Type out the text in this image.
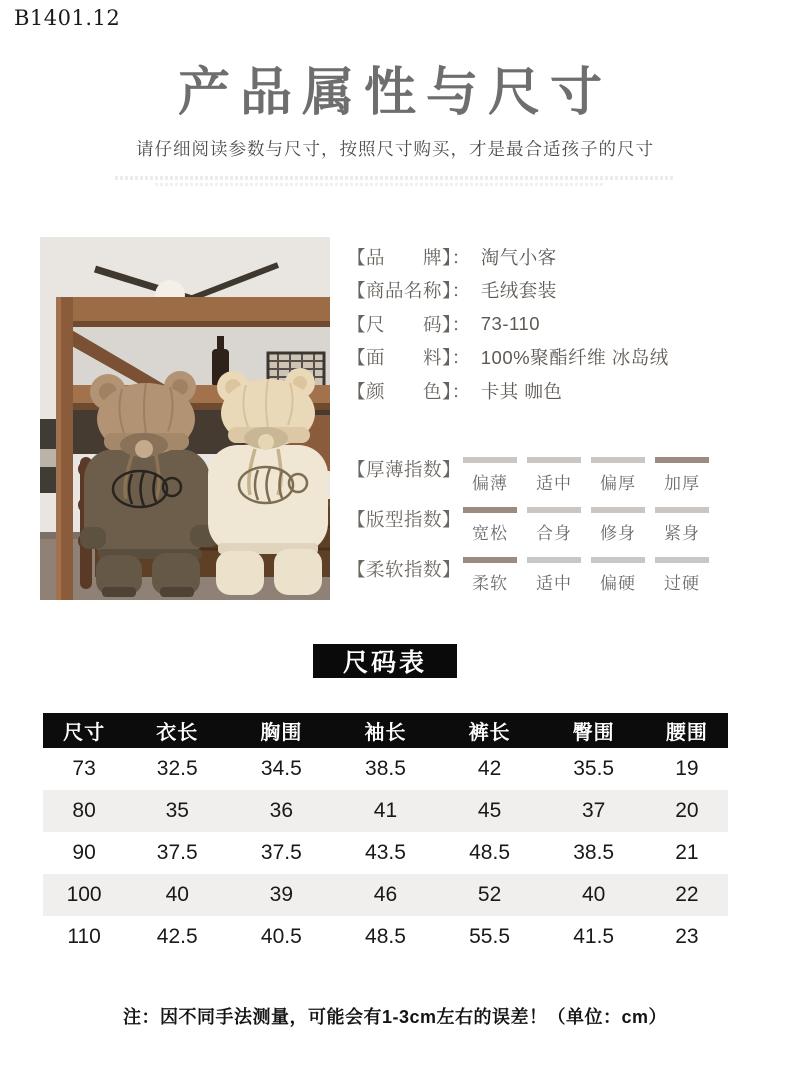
B1401.12
产品属性与尺寸

请仔细阅读参数与尺寸，按照尺寸购买，才是最合适孩子的尺寸

【品　　牌】： 淘气小客
【商品名称】： 毛绒套装
【尺　　码】： 73-110
【面　　料】： 100%聚酯纤维 冰岛绒
【颜　　色】： 卡其 咖色
【厚薄指数】
偏薄	适中	偏厚	加厚
【版型指数】
宽松	合身	修身	紧身
【柔软指数】
柔软	适中	偏硬	过硬
尺码表
尺寸	衣长	胸围	袖长	裤长	臀围	腰围
73	32.5	34.5	38.5	42	35.5	19
80	35	36	41	45	37	20
90	37.5	37.5	43.5	48.5	38.5	21
100	40	39	46	52	40	22
110	42.5	40.5	48.5	55.5	41.5	23

注：因不同手法测量，可能会有1-3cm左右的误差！（单位：cm）
